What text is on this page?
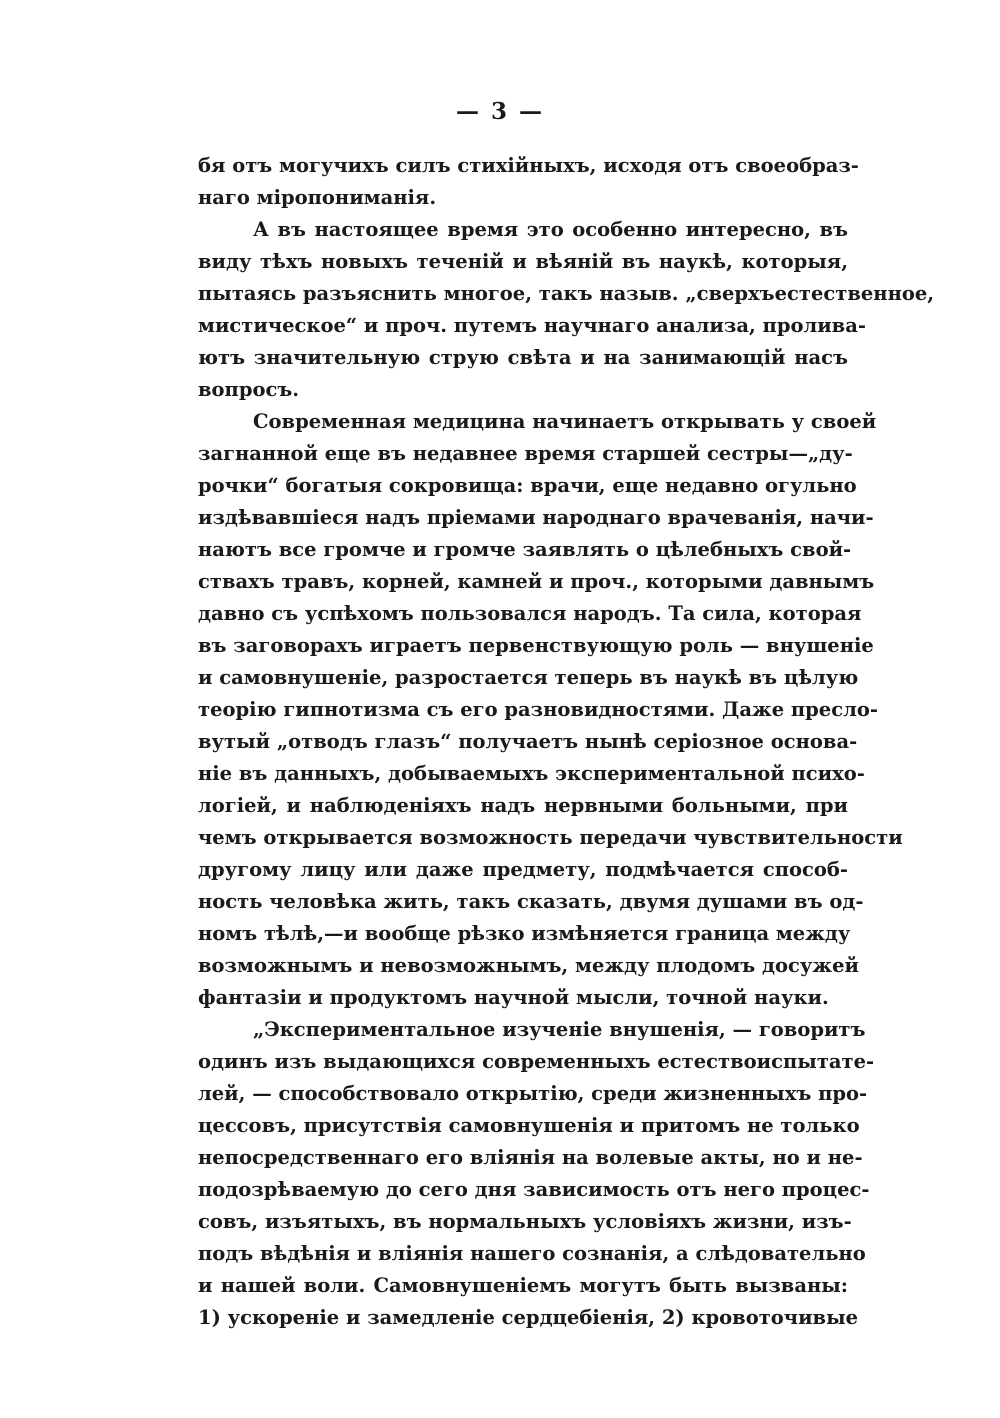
— 3 —
бя отъ могучихъ силъ стихійныхъ, исходя отъ своеобраз-
наго міропониманія.
А въ настоящее время это особенно интересно, въ
виду тѣхъ новыхъ теченій и вѣяній въ наукѣ, которыя,
пытаясь разъяснить многое, такъ назыв. „сверхъестественное,
мистическое“ и проч. путемъ научнаго анализа, пролива-
ютъ значительную струю свѣта и на занимающій насъ
вопросъ.
Современная медицина начинаетъ открывать у своей
загнанной еще въ недавнее время старшей сестры—„ду-
рочки“ богатыя сокровища: врачи, еще недавно огульно
издѣвавшіеся надъ пріемами народнаго врачеванія, начи-
наютъ все громче и громче заявлять о цѣлебныхъ свой-
ствахъ травъ, корней, камней и проч., которыми давнымъ
давно съ успѣхомъ пользовался народъ. Та сила, которая
въ заговорахъ играетъ первенствующую роль — внушеніе
и самовнушеніе, разростается теперь въ наукѣ въ цѣлую
теорію гипнотизма съ его разновидностями. Даже пресло-
вутый „отводъ глазъ“ получаетъ нынѣ серіозное основа-
ніе въ данныхъ, добываемыхъ экспериментальной психо-
логіей, и наблюденіяхъ надъ нервными больными, при
чемъ открывается возможность передачи чувствительности
другому лицу или даже предмету, подмѣчается способ-
ность человѣка жить, такъ сказать, двумя душами въ од-
номъ тѣлѣ,—и вообще рѣзко измѣняется граница между
возможнымъ и невозможнымъ, между плодомъ досужей
фантазіи и продуктомъ научной мысли, точной науки.
„Экспериментальное изученіе внушенія, — говоритъ
одинъ изъ выдающихся современныхъ естествоиспытате-
лей, — способствовало открытію, среди жизненныхъ про-
цессовъ, присутствія самовнушенія и притомъ не только
непосредственнаго его вліянія на волевые акты, но и не-
подозрѣваемую до сего дня зависимость отъ него процес-
совъ, изъятыхъ, въ нормальныхъ условіяхъ жизни, изъ-
подъ вѣдѣнія и вліянія нашего сознанія, а слѣдовательно
и нашей воли. Самовнушеніемъ могутъ быть вызваны:
1) ускореніе и замедленіе сердцебіенія, 2) кровоточивые
